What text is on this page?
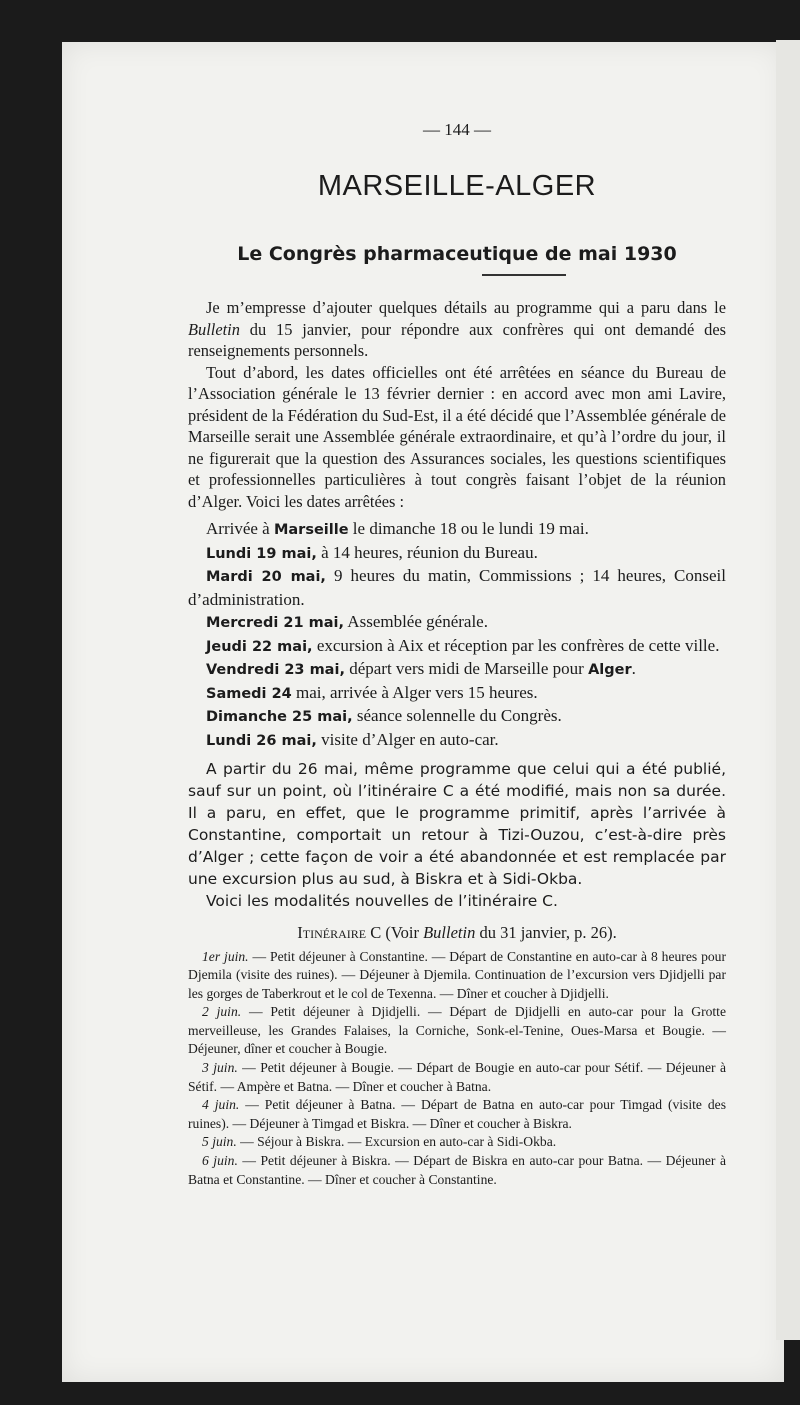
— 144 —
MARSEILLE-ALGER
Le Congrès pharmaceutique de mai 1930

Je m’empresse d’ajouter quelques détails au programme qui a paru dans le Bulletin du 15 janvier, pour répondre aux confrères qui ont demandé des renseignements personnels.

Tout d’abord, les dates officielles ont été arrêtées en séance du Bureau de l’Association générale le 13 février dernier : en accord avec mon ami Lavire, président de la Fédération du Sud-Est, il a été décidé que l’Assemblée générale de Marseille serait une Assemblée générale extraordinaire, et qu’à l’ordre du jour, il ne figurerait que la question des Assurances sociales, les questions scientifiques et professionnelles particulières à tout congrès faisant l’objet de la réunion d’Alger. Voici les dates arrêtées :

Arrivée à Marseille le dimanche 18 ou le lundi 19 mai.

Lundi 19 mai, à 14 heures, réunion du Bureau.

Mardi 20 mai, 9 heures du matin, Commissions ; 14 heures, Conseil d’administration.

Mercredi 21 mai, Assemblée générale.

Jeudi 22 mai, excursion à Aix et réception par les confrères de cette ville.

Vendredi 23 mai, départ vers midi de Marseille pour Alger.

Samedi 24 mai, arrivée à Alger vers 15 heures.

Dimanche 25 mai, séance solennelle du Congrès.

Lundi 26 mai, visite d’Alger en auto-car.

A partir du 26 mai, même programme que celui qui a été publié, sauf sur un point, où l’itinéraire C a été modifié, mais non sa durée. Il a paru, en effet, que le programme primitif, après l’arrivée à Constantine, comportait un retour à Tizi-Ouzou, c’est-à-dire près d’Alger ; cette façon de voir a été abandonnée et est remplacée par une excursion plus au sud, à Biskra et à Sidi-Okba.

Voici les modalités nouvelles de l’itinéraire C.

Itinéraire C (Voir Bulletin du 31 janvier, p. 26).

1er juin. — Petit déjeuner à Constantine. — Départ de Constantine en auto-car à 8 heures pour Djemila (visite des ruines). — Déjeuner à Djemila. Continuation de l’excursion vers Djidjelli par les gorges de Taberkrout et le col de Texenna. — Dîner et coucher à Djidjelli.

2 juin. — Petit déjeuner à Djidjelli. — Départ de Djidjelli en auto-car pour la Grotte merveilleuse, les Grandes Falaises, la Corniche, Sonk-el-Tenine, Oues-Marsa et Bougie. — Déjeuner, dîner et coucher à Bougie.

3 juin. — Petit déjeuner à Bougie. — Départ de Bougie en auto-car pour Sétif. — Déjeuner à Sétif. — Ampère et Batna. — Dîner et coucher à Batna.

4 juin. — Petit déjeuner à Batna. — Départ de Batna en auto-car pour Timgad (visite des ruines). — Déjeuner à Timgad et Biskra. — Dîner et coucher à Biskra.

5 juin. — Séjour à Biskra. — Excursion en auto-car à Sidi-Okba.

6 juin. — Petit déjeuner à Biskra. — Départ de Biskra en auto-car pour Batna. — Déjeuner à Batna et Constantine. — Dîner et coucher à Constantine.
